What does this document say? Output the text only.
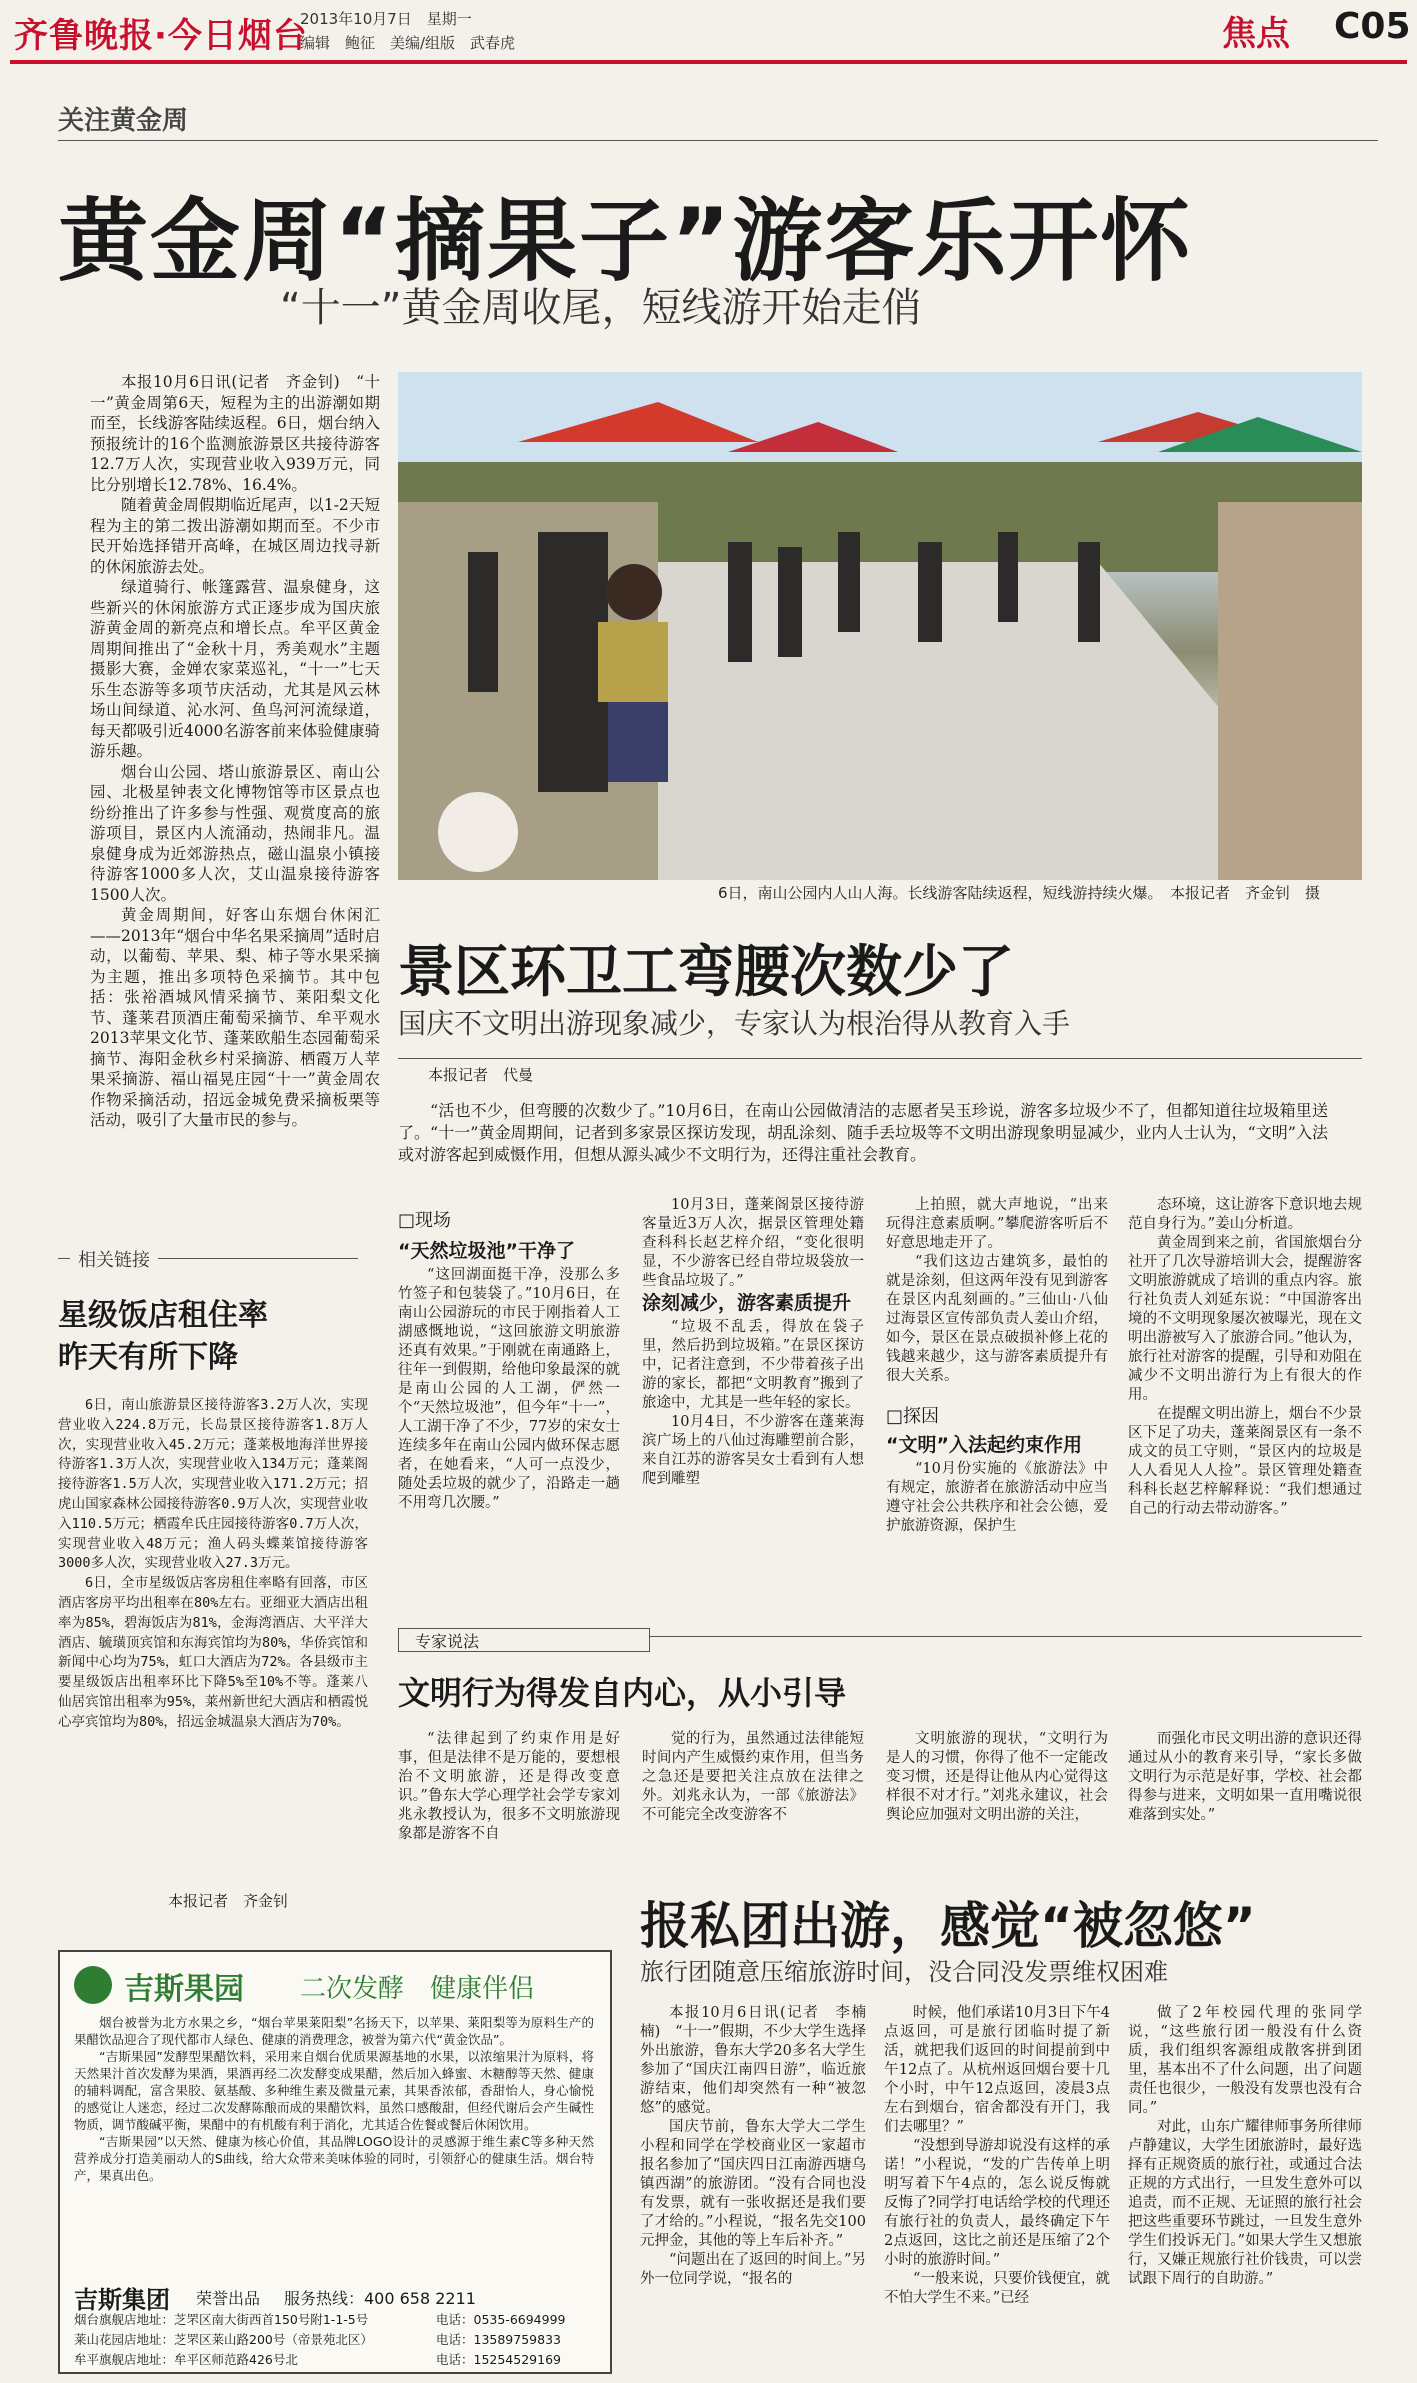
齐鲁晚报·今日烟台
2013年10月7日　星期一
编辑　鲍征　美编/组版　武春虎	焦点 C05
关注黄金周
黄金周“摘果子”游客乐开怀
“十一”黄金周收尾，短线游开始走俏

本报10月6日讯(记者　齐金钊)　“十一”黄金周第6天，短程为主的出游潮如期而至，长线游客陆续返程。6日，烟台纳入预报统计的16个监测旅游景区共接待游客12.7万人次，实现营业收入939万元，同比分别增长12.78%、16.4%。

随着黄金周假期临近尾声，以1-2天短程为主的第二拨出游潮如期而至。不少市民开始选择错开高峰，在城区周边找寻新的休闲旅游去处。

绿道骑行、帐篷露营、温泉健身，这些新兴的休闲旅游方式正逐步成为国庆旅游黄金周的新亮点和增长点。牟平区黄金周期间推出了“金秋十月，秀美观水”主题摄影大赛，金婵农家菜巡礼，“十一”七天乐生态游等多项节庆活动，尤其是风云林场山间绿道、沁水河、鱼鸟河河流绿道，每天都吸引近4000名游客前来体验健康骑游乐趣。

烟台山公园、塔山旅游景区、南山公园、北极星钟表文化博物馆等市区景点也纷纷推出了许多参与性强、观赏度高的旅游项目，景区内人流涌动，热闹非凡。温泉健身成为近郊游热点，磁山温泉小镇接待游客1000多人次，艾山温泉接待游客1500人次。

黄金周期间，好客山东烟台休闲汇——2013年“烟台中华名果采摘周”适时启动，以葡萄、苹果、梨、柿子等水果采摘为主题，推出多项特色采摘节。其中包括：张裕酒城风情采摘节、莱阳梨文化节、蓬莱君顶酒庄葡萄采摘节、牟平观水2013苹果文化节、蓬莱欧船生态园葡萄采摘节、海阳金秋乡村采摘游、栖霞万人苹果采摘游、福山福晃庄园“十一”黄金周农作物采摘活动，招远金城免费采摘板栗等活动，吸引了大量市民的参与。

6日，南山公园内人山人海。长线游客陆续返程，短线游持续火爆。　本报记者　齐金钊　摄
景区环卫工弯腰次数少了
国庆不文明出游现象减少，专家认为根治得从教育入手
本报记者　代曼

“活也不少，但弯腰的次数少了。”10月6日，在南山公园做清洁的志愿者吴玉珍说，游客多垃圾少不了，但都知道往垃圾箱里送了。“十一”黄金周期间，记者到多家景区探访发现，胡乱涂刻、随手丢垃圾等不文明出游现象明显减少，业内人士认为，“文明”入法或对游客起到威慑作用，但想从源头减少不文明行为，还得注重社会教育。

□现场
“天然垃圾池”干净了

“这回湖面挺干净，没那么多竹签子和包装袋了。”10月6日，在南山公园游玩的市民于刚指着人工湖感慨地说，“这回旅游文明旅游还真有效果。”于刚就在南通路上，往年一到假期，给他印象最深的就是南山公园的人工湖，俨然一个“天然垃圾池”，但今年“十一”，人工湖干净了不少，77岁的宋女士连续多年在南山公园内做环保志愿者，在她看来，“人可一点没少，随处丢垃圾的就少了，沿路走一趟不用弯几次腰。”

10月3日，蓬莱阁景区接待游客量近3万人次，据景区管理处籍查科科长赵艺梓介绍，“变化很明显，不少游客已经自带垃圾袋放一些食品垃圾了。”

涂刻减少，游客素质提升

“垃圾不乱丢，得放在袋子里，然后扔到垃圾箱。”在景区探访中，记者注意到，不少带着孩子出游的家长，都把“文明教育”搬到了旅途中，尤其是一些年轻的家长。

10月4日，不少游客在蓬莱海滨广场上的八仙过海雕塑前合影，来自江苏的游客吴女士看到有人想爬到雕塑

上拍照，就大声地说，“出来玩得注意素质啊。”攀爬游客听后不好意思地走开了。

“我们这边古建筑多，最怕的就是涂刻，但这两年没有见到游客在景区内乱刻画的。”三仙山·八仙过海景区宣传部负责人姜山介绍，如今，景区在景点破损补修上花的钱越来越少，这与游客素质提升有很大关系。

□探因
“文明”入法起约束作用

“10月份实施的《旅游法》中有规定，旅游者在旅游活动中应当遵守社会公共秩序和社会公德，爱护旅游资源，保护生

态环境，这让游客下意识地去规范自身行为。”姜山分析道。

黄金周到来之前，省国旅烟台分社开了几次导游培训大会，提醒游客文明旅游就成了培训的重点内容。旅行社负责人刘延东说：“中国游客出境的不文明现象屡次被曝光，现在文明出游被写入了旅游合同。”他认为，旅行社对游客的提醒，引导和劝阻在减少不文明出游行为上有很大的作用。

在提醒文明出游上，烟台不少景区下足了功夫，蓬莱阁景区有一条不成文的员工守则，“景区内的垃圾是人人看见人人捡”。景区管理处籍查科科长赵艺梓解释说：“我们想通过自己的行动去带动游客。”

专家说法
文明行为得发自内心，从小引导

“法律起到了约束作用是好事，但是法律不是万能的，要想根治不文明旅游，还是得改变意识。”鲁东大学心理学社会学专家刘兆永教授认为，很多不文明旅游现象都是游客不自

觉的行为，虽然通过法律能短时间内产生威慑约束作用，但当务之急还是要把关注点放在法律之外。刘兆永认为，一部《旅游法》不可能完全改变游客不

文明旅游的现状，“文明行为是人的习惯，你得了他不一定能改变习惯，还是得让他从内心觉得这样很不对才行。”刘兆永建议，社会舆论应加强对文明出游的关注，

而强化市民文明出游的意识还得通过从小的教育来引导，“家长多做文明行为示范是好事，学校、社会都得参与进来，文明如果一直用嘴说很难落到实处。”

相关链接
星级饭店租住率
昨天有所下降

6日，南山旅游景区接待游客3.2万人次，实现营业收入224.8万元，长岛景区接待游客1.8万人次，实现营业收入45.2万元；蓬莱极地海洋世界接待游客1.3万人次，实现营业收入134万元；蓬莱阁接待游客1.5万人次，实现营业收入171.2万元；招虎山国家森林公园接待游客0.9万人次，实现营业收入110.5万元；栖霞牟氏庄园接待游客0.7万人次，实现营业收入48万元；渔人码头蝶莱馆接待游客3000多人次，实现营业收入27.3万元。

6日，全市星级饭店客房租住率略有回落，市区酒店客房平均出租率在80%左右。亚细亚大酒店出租率为85%，碧海饭店为81%，金海湾酒店、大平洋大酒店、毓璜顶宾馆和东海宾馆均为80%，华侨宾馆和新闻中心均为75%，虹口大酒店为72%。各县级市主要星级饭店出租率环比下降5%至10%不等。蓬莱八仙居宾馆出租率为95%，莱州新世纪大酒店和栖霞悦心亭宾馆均为80%，招远金城温泉大酒店为70%。

本报记者　齐金钊	报私团出游，感觉“被忽悠”
旅行团随意压缩旅游时间，没合同没发票维权困难

本报10月6日讯(记者　李楠楠)　“十一”假期，不少大学生选择外出旅游，鲁东大学20多名大学生参加了“国庆江南四日游”，临近旅游结束，他们却突然有一种“被忽悠”的感觉。

国庆节前，鲁东大学大二学生小程和同学在学校商业区一家超市报名参加了“国庆四日江南游西塘乌镇西湖”的旅游团。“没有合同也没有发票，就有一张收据还是我们要了才给的。”小程说，“报名先交100元押金，其他的等上车后补齐。”

“问题出在了返回的时间上。”另外一位同学说，“报名的

时候，他们承诺10月3日下午4点返回，可是旅行团临时提了新活，就把我们返回的时间提前到中午12点了。从杭州返回烟台要十几个小时，中午12点返回，凌晨3点左右到烟台，宿舍都没有开门，我们去哪里？”

“没想到导游却说没有这样的承诺！”小程说，“发的广告传单上明明写着下午4点的，怎么说反悔就反悔了?同学打电话给学校的代理还有旅行社的负责人，最终确定下午2点返回，这比之前还是压缩了2个小时的旅游时间。”

“一般来说，只要价钱便宜，就不怕大学生不来。”已经

做了2年校园代理的张同学说，“这些旅行团一般没有什么资质，我们组织客源组成散客拼到团里，基本出不了什么问题，出了问题责任也很少，一般没有发票也没有合同。”

对此，山东广耀律师事务所律师卢静建议，大学生团旅游时，最好选择有正规资质的旅行社，或通过合法正规的方式出行，一旦发生意外可以追责，而不正规、无证照的旅行社会把这些重要环节跳过，一旦发生意外学生们投诉无门。”如果大学生又想旅行，又嫌正规旅行社价钱贵，可以尝试跟下周行的自助游。”

吉斯果园 二次发酵　健康伴侣

烟台被誉为北方水果之乡，“烟台苹果莱阳梨”名扬天下，以苹果、莱阳梨等为原料生产的果醋饮品迎合了现代都市人绿色、健康的消费理念，被誉为第六代“黄金饮品”。

“吉斯果园”发酵型果醋饮料，采用来自烟台优质果源基地的水果，以浓缩果汁为原料，将天然果汁首次发酵为果酒，果酒再经二次发酵变成果醋，然后加入蜂蜜、木糖醇等天然、健康的辅料调配，富含果胶、氨基酸、多种维生素及微量元素，其果香浓郁，香甜怡人，身心愉悦的感觉让人迷恋，经过二次发酵陈酿而成的果醋饮料，虽然口感酸甜，但经代谢后会产生碱性物质，调节酸碱平衡，果醋中的有机酸有利于消化，尤其适合佐餐或餐后休闲饮用。

“吉斯果园”以天然、健康为核心价值，其品牌LOGO设计的灵感源于维生素C等多种天然营养成分打造美丽动人的S曲线，给大众带来美味体验的同时，引领舒心的健康生活。烟台特产，果真出色。

吉斯集团 荣誉出品 服务热线：400 658 2211
烟台旗舰店地址：芝罘区南大街西首150号附1-1-5号	电话：0535-6694999
莱山花园店地址：芝罘区莱山路200号（帝景苑北区）	电话：13589759833
牟平旗舰店地址：牟平区师范路426号北	电话：15254529169
